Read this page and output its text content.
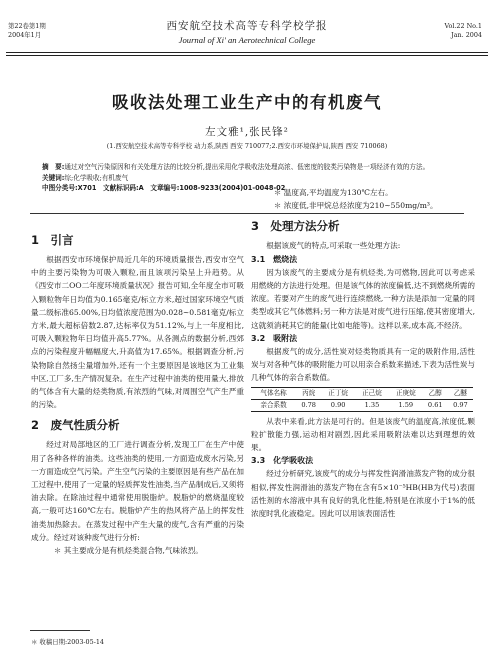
第22卷第1期
2004年1月
西安航空技术高等专科学校学报
Journal of Xi' an Aerotechnical College
Vol.22 No.1
Jan. 2004
吸收法处理工业生产中的有机废气
左文雅¹,张民锋²
(1.西安航空技术高等专科学校 动力系,陕西 西安 710077;2.西安市环境保护局,陕西 西安 710068)
摘　要:通过对空气污染原因和有关处理方法的比较分析,提出采用化学吸收法处理高浓、低密度的胶类污染物是一项经济有效的方法。
关键词:综;化学吸收;有机废气
中图分类号:X701　文献标识码:A　文章编号:1008-9233(2004)01-0048-02
1　引言

根据西安市环境保护局近几年的环境质量报告,西安市空气中的主要污染物为可吸入颗粒,而且该项污染呈上升趋势。从《西安市二OO二年度环境质量状况》报告可知,全年度全市可吸入颗粒物年日均值为0.165毫克/标立方米,超过国家环境空气质量二级标准65.00%,日均值浓度范围为0.028~0.581毫克/标立方米,最大超标倍数2.87,达标率仅为51.12%,与上一年度相比,可吸入颗粒物年日均值升高5.77%。从各测点的数据分析,西郊点的污染程度升幅幅度大,升高值为17.65%。根据调查分析,污染物除自然扬尘量增加外,还有一个主要原因是该地区为工业集中区,工厂多,生产情况复杂。在生产过程中油类的使用量大,排放的气体含有大量的烃类物质,有浓烈的气味,对周围空气产生严重的污染。

2　废气性质分析

经过对局部地区的工厂进行调查分析,发现工厂在生产中使用了各种各样的油类。这些油类的使用,一方面造成废水污染,另一方面造成空气污染。产生空气污染的主要原因是有些产品在加工过程中,使用了一定量的轻质挥发性油类,当产品制成后,又须将油去除。在除油过程中通常使用脱脂炉。脱脂炉的燃烧温度较高,一般可达160℃左右。脱脂炉产生的热风将产品上的挥发性油类加热除去。在蒸发过程中产生大量的废气,含有严重的污染成分。经过对该种废气进行分析:

＊ 其主要成分是有机烃类混合物,气味浓烈。

＊ 温度高,平均温度为130℃左右。

＊ 浓度低,非甲烷总烃浓度为210~550mg/m³。

3　处理方法分析

根据该废气的特点,可采取一些处理方法:

3.1　燃烧法

因为该废气的主要成分是有机烃类,为可燃物,因此可以考虑采用燃烧的方法进行处理。但是该气体的浓度偏低,达不到燃烧所需的浓度。若要对产生的废气进行连续燃烧,一种方法是添加一定量的同类型或其它气体燃料;另一种方法是对废气进行压缩,使其密度增大,这就须消耗其它的能量(比如电能等)。这样以来,成本高,不经济。

3.2　吸附法

根据废气的成分,活性炭对烃类物质具有一定的吸附作用,活性炭与对各种气体的吸附能力可以用亲合系数来描述,下表为活性炭与几种气体的亲合系数值。

气体名称	丙烷	正丁烷	正己烷	正庚烷	乙醇	乙醚
亲合系数	0.78	0.90	1.35	1.59	0.61	0.97

从表中来看,此方法是可行的。但是该废气的温度高,浓度低,颗粒扩散能力强,运动相对剧烈,因此采用吸附法难以达到理想的效果。

3.3　化学吸收法

经过分析研究,该废气的成分与挥发性润滑油蒸发产物的成分很相似,挥发性润滑油的蒸发产物在含有5×10⁻⁵HB(HB为代号)表面活性剂的水溶液中具有良好的乳化性能,特别是在浓度小于1%的低浓度时乳化液稳定。因此可以用该表面活性

＊ 收稿日期:2003-05-14
